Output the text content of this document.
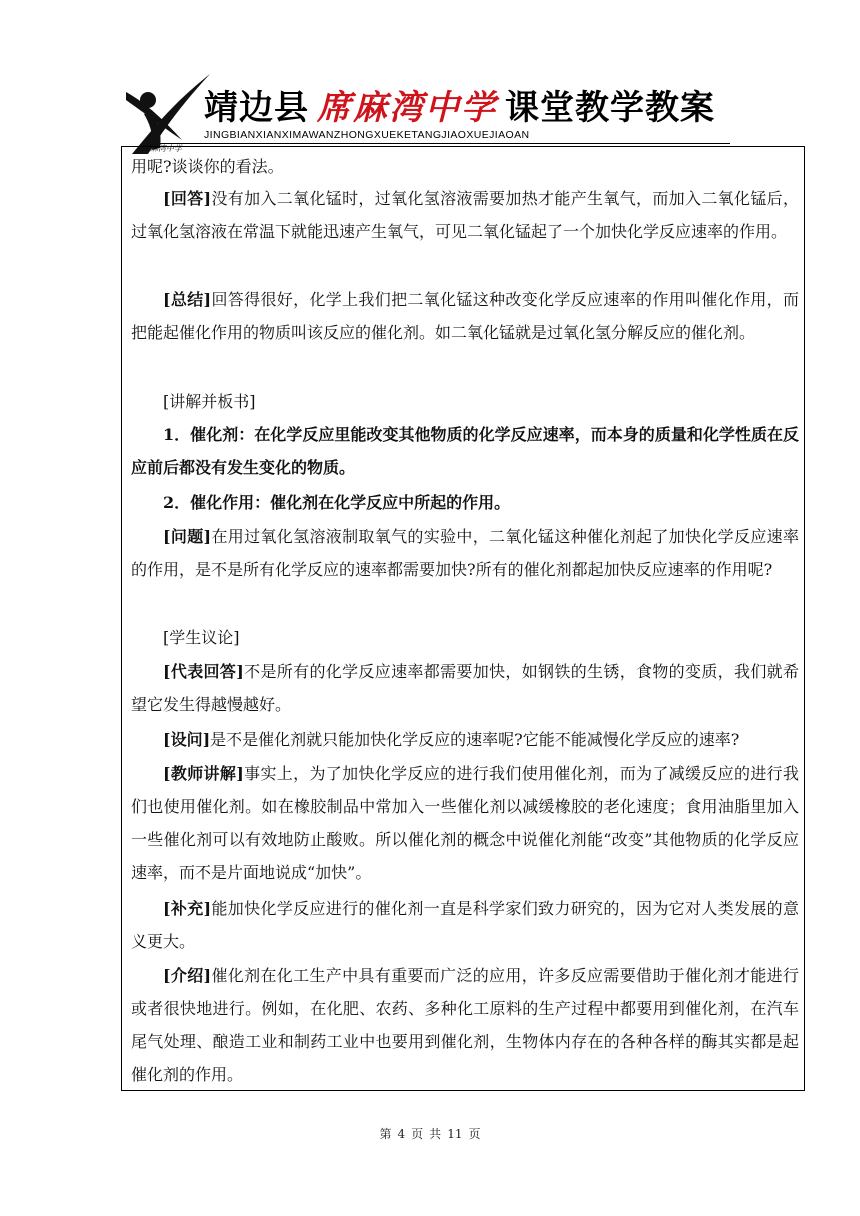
席麻湾中学
靖边县 席麻湾中学 课堂教学教案
JINGBIANXIANXIMAWANZHONGXUEKETANGJIAOXUEJIAOAN

用呢?谈谈你的看法。

[回答]没有加入二氧化锰时，过氧化氢溶液需要加热才能产生氧气，而加入二氧化锰后，过氧化氢溶液在常温下就能迅速产生氧气，可见二氧化锰起了一个加快化学反应速率的作用。

[总结]回答得很好，化学上我们把二氧化锰这种改变化学反应速率的作用叫催化作用，而把能起催化作用的物质叫该反应的催化剂。如二氧化锰就是过氧化氢分解反应的催化剂。

[讲解并板书]

1．催化剂：在化学反应里能改变其他物质的化学反应速率，而本身的质量和化学性质在反应前后都没有发生变化的物质。

2．催化作用：催化剂在化学反应中所起的作用。

[问题]在用过氧化氢溶液制取氧气的实验中，二氧化锰这种催化剂起了加快化学反应速率的作用，是不是所有化学反应的速率都需要加快?所有的催化剂都起加快反应速率的作用呢?

[学生议论]

[代表回答]不是所有的化学反应速率都需要加快，如钢铁的生锈，食物的变质，我们就希望它发生得越慢越好。

[设问]是不是催化剂就只能加快化学反应的速率呢?它能不能减慢化学反应的速率?

[教师讲解]事实上，为了加快化学反应的进行我们使用催化剂，而为了减缓反应的进行我们也使用催化剂。如在橡胶制品中常加入一些催化剂以减缓橡胶的老化速度；食用油脂里加入一些催化剂可以有效地防止酸败。所以催化剂的概念中说催化剂能“改变”其他物质的化学反应速率，而不是片面地说成“加快”。

[补充]能加快化学反应进行的催化剂一直是科学家们致力研究的，因为它对人类发展的意义更大。

[介绍]催化剂在化工生产中具有重要而广泛的应用，许多反应需要借助于催化剂才能进行或者很快地进行。例如，在化肥、农药、多种化工原料的生产过程中都要用到催化剂，在汽车尾气处理、酿造工业和制药工业中也要用到催化剂，生物体内存在的各种各样的酶其实都是起催化剂的作用。

第 4 页 共 11 页
